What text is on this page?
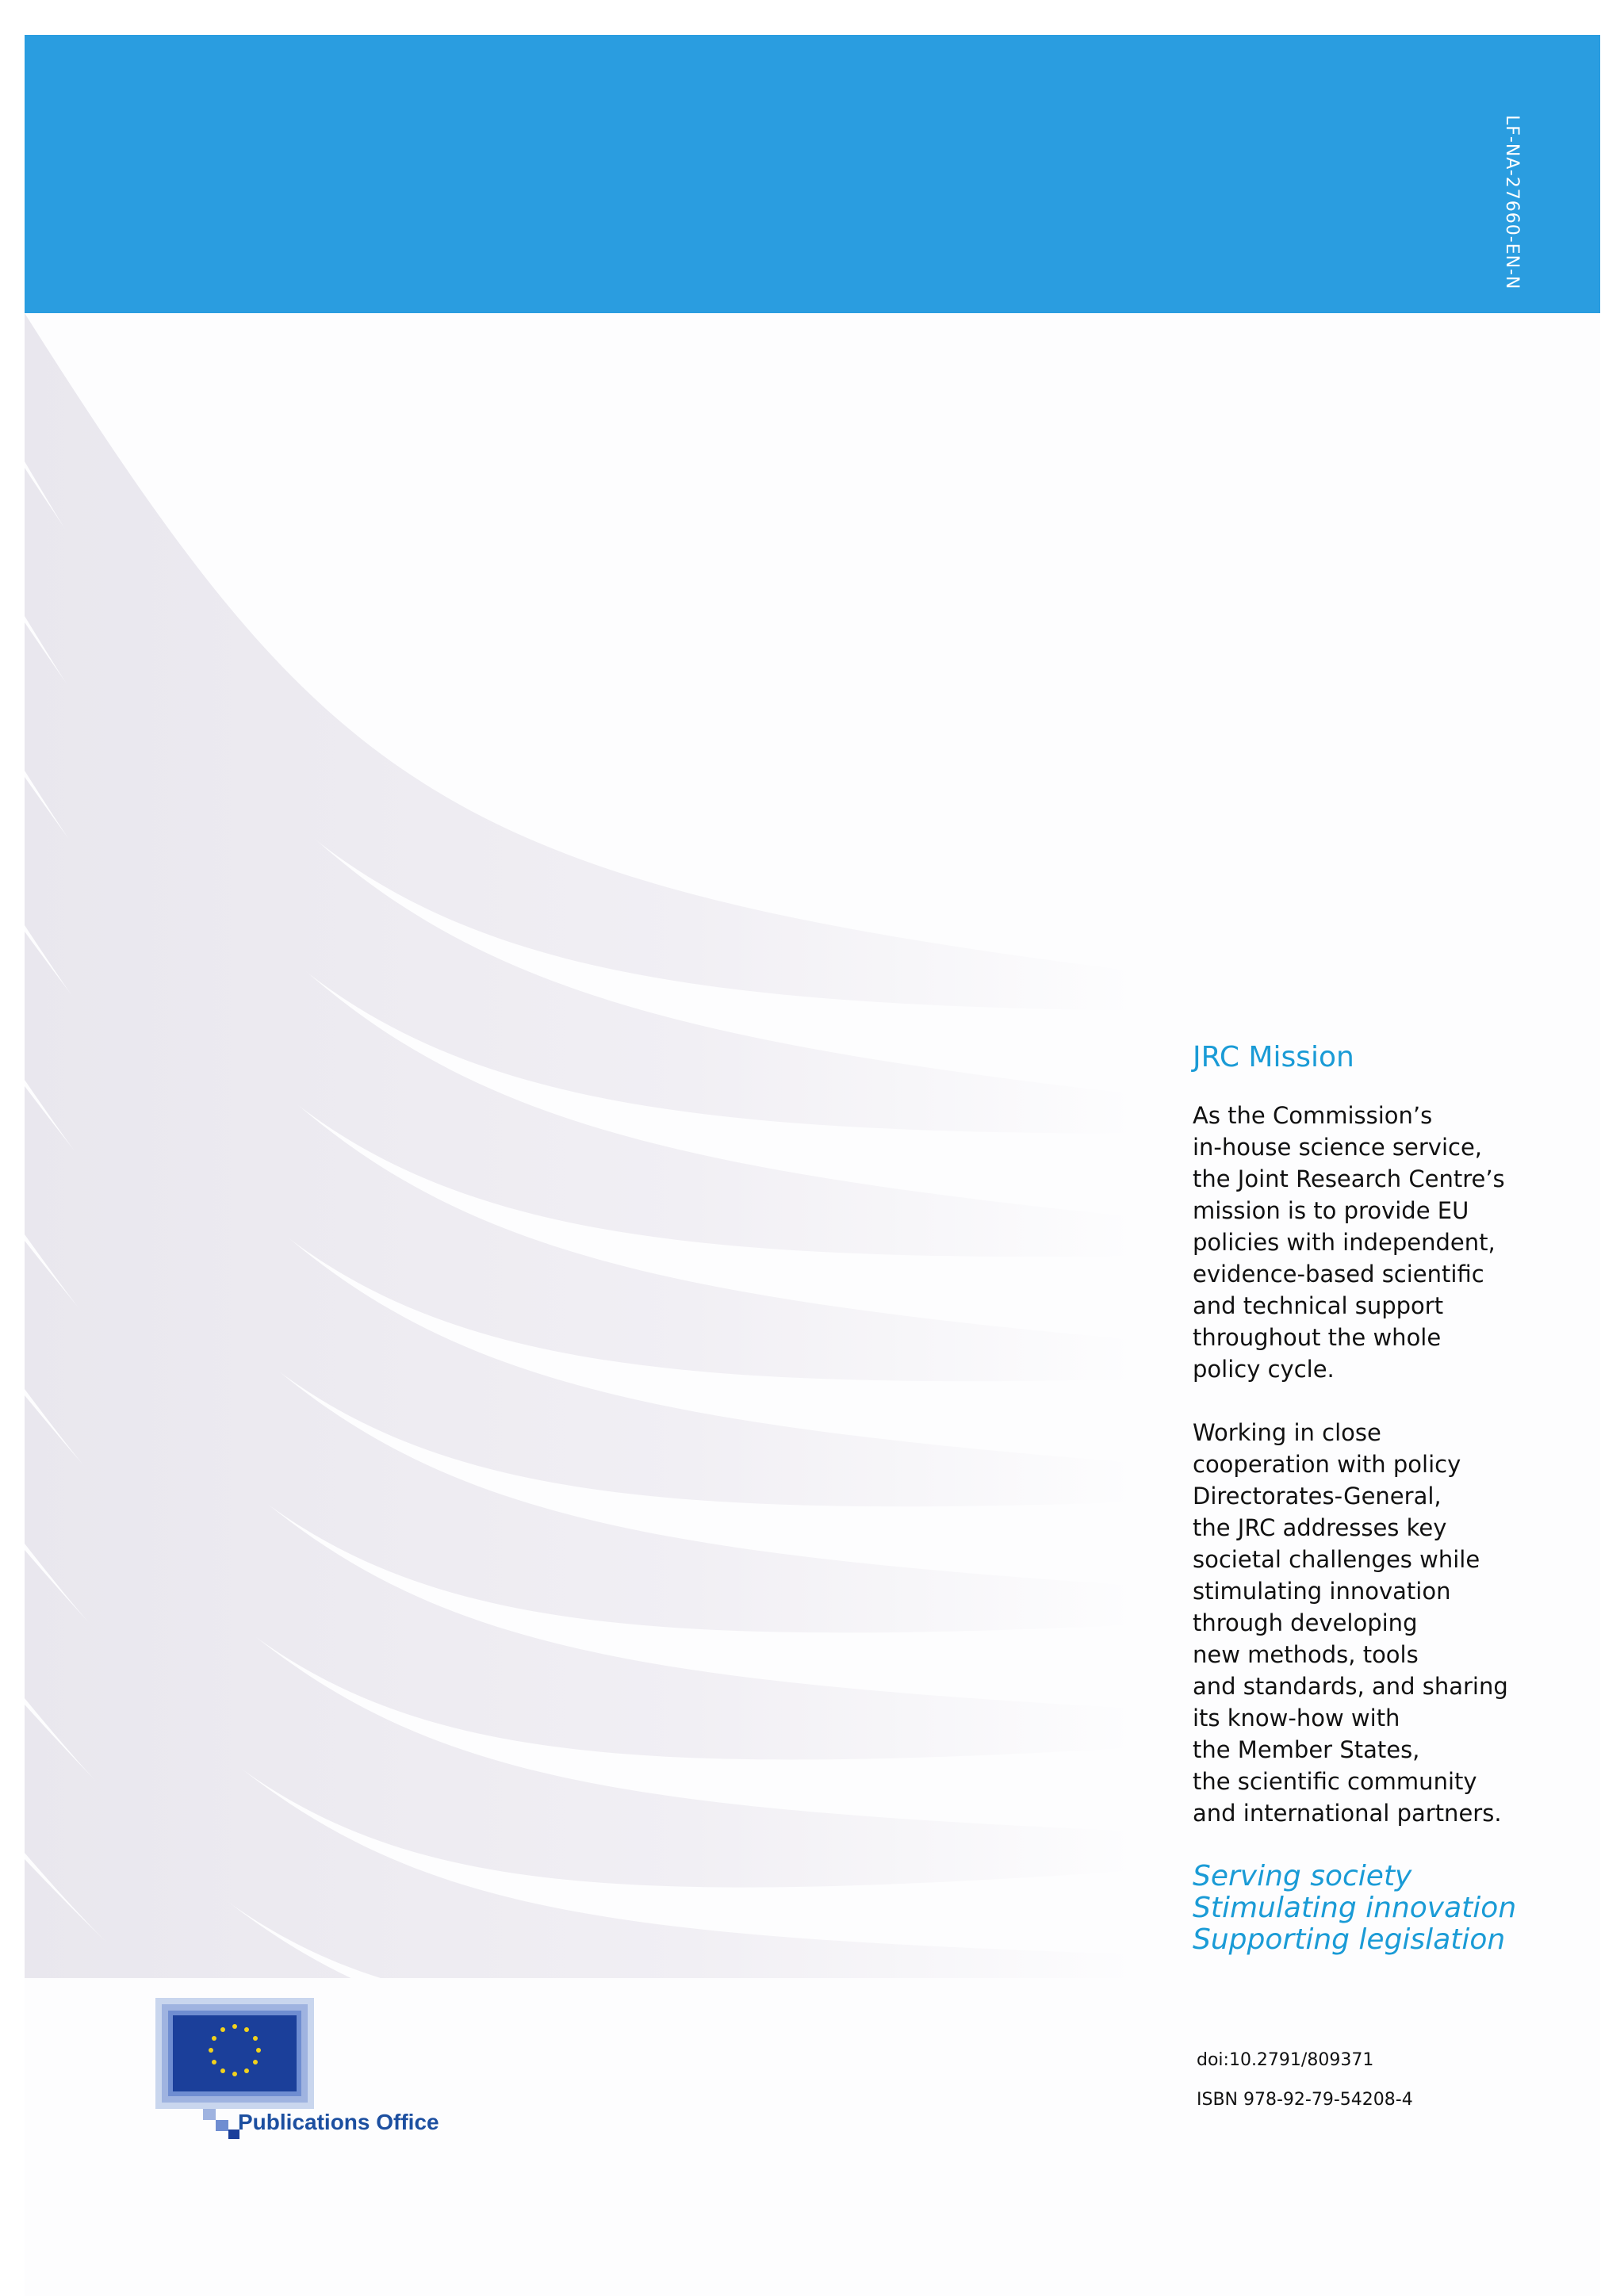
LF-NA-27660-EN-N
JRC Mission

As the Commission’s
in-house science service,
the Joint Research Centre’s
mission is to provide EU
policies with independent,
evidence-based scientific
and technical support
throughout the whole
policy cycle.

Working in close
cooperation with policy
Directorates-General,
the JRC addresses key
societal challenges while
stimulating innovation
through developing
new methods, tools
and standards, and sharing
its know-how with
the Member States,
the scientific community
and international partners.

Serving society
Stimulating innovation
Supporting legislation
doi:10.2791/809371
ISBN 978-92-79-54208-4
Publications Office
